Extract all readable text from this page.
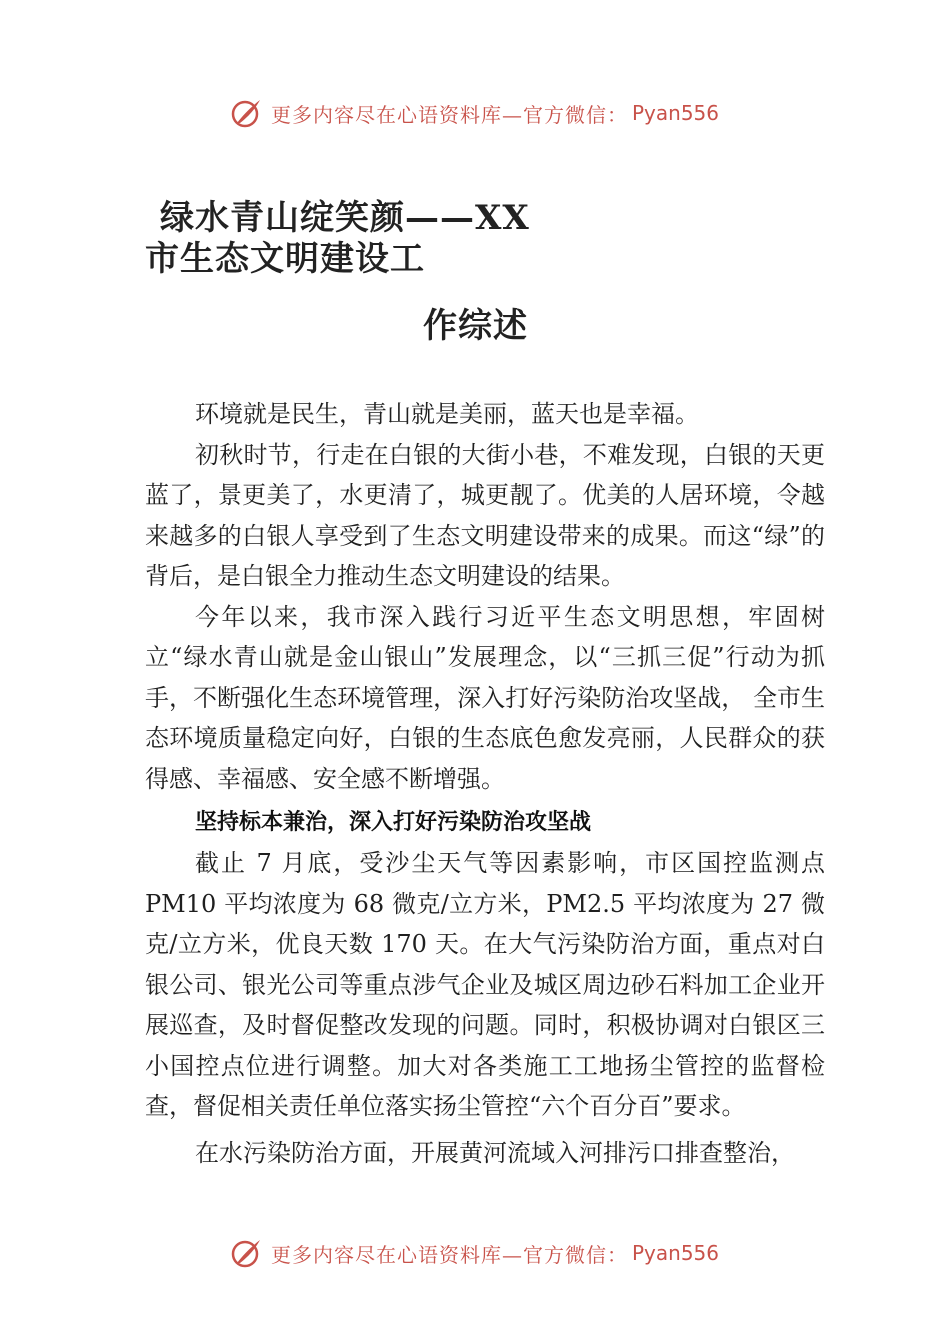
更多内容尽在心语资料库—官方微信： Pyan556
绿水青山绽笑颜——XX
市生态文明建设工
作综述

环境就是民生，青山就是美丽，蓝天也是幸福。

初秋时节，行走在白银的大街小巷，不难发现，白银的天更蓝了，景更美了，水更清了，城更靓了。优美的人居环境，令越来越多的白银人享受到了生态文明建设带来的成果。而这“绿”的背后，是白银全力推动生态文明建设的结果。

今年以来，我市深入践行习近平生态文明思想，牢固树立“绿水青山就是金山银山”发展理念，以“三抓三促”行动为抓手，不断强化生态环境管理，深入打好污染防治攻坚战， 全市生态环境质量稳定向好，白银的生态底色愈发亮丽，人民群众的获得感、幸福感、安全感不断增强。

坚持标本兼治，深入打好污染防治攻坚战

截止 7 月底，受沙尘天气等因素影响，市区国控监测点 PM10 平均浓度为 68 微克/立方米，PM2.5 平均浓度为 27 微克/立方米，优良天数 170 天。在大气污染防治方面，重点对白银公司、银光公司等重点涉气企业及城区周边砂石料加工企业开展巡查，及时督促整改发现的问题。同时，积极协调对白银区三小国控点位进行调整。加大对各类施工工地扬尘管控的监督检查，督促相关责任单位落实扬尘管控“六个百分百”要求。

在水污染防治方面，开展黄河流域入河排污口排查整治，

更多内容尽在心语资料库—官方微信： Pyan556
